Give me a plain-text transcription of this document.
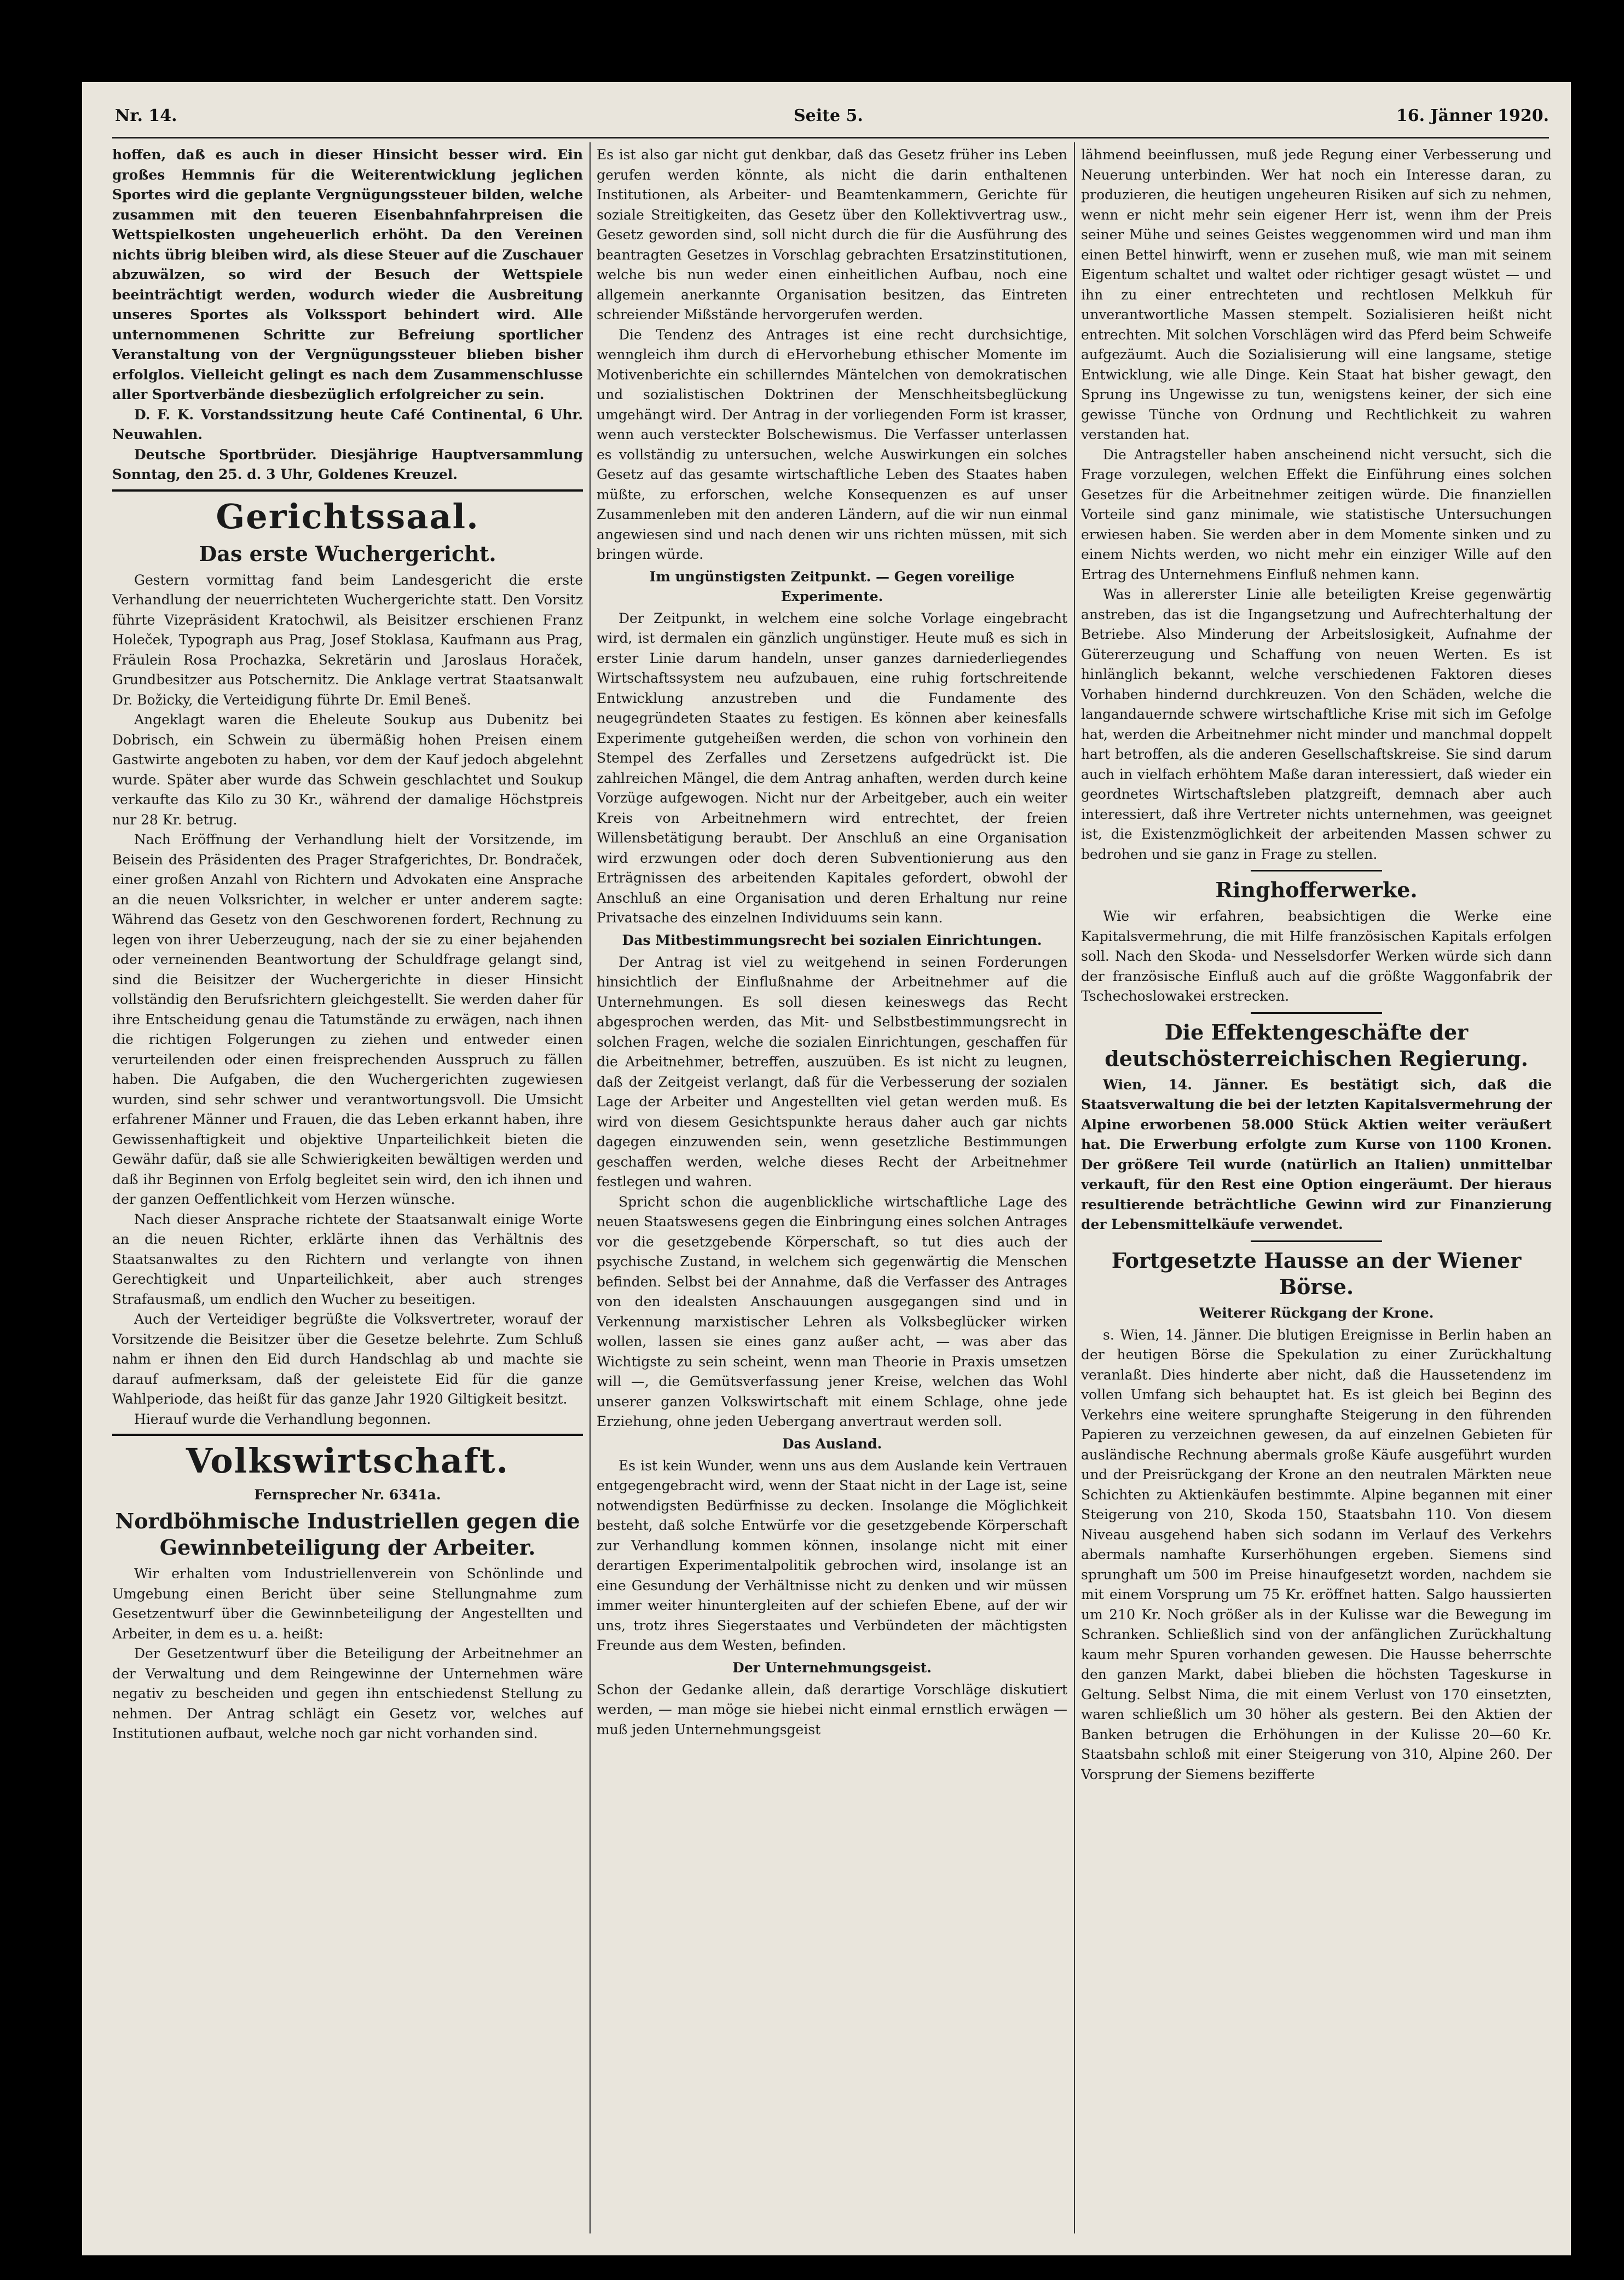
Nr. 14.	Seite 5.	16. Jänner 1920.

hoffen, daß es auch in dieser Hinsicht besser wird. Ein großes Hemmnis für die Weiterentwicklung jeglichen Sportes wird die geplante Vergnügungssteuer bilden, welche zusammen mit den teueren Eisenbahnfahrpreisen die Wettspielkosten ungeheuerlich erhöht. Da den Vereinen nichts übrig bleiben wird, als diese Steuer auf die Zuschauer abzuwälzen, so wird der Besuch der Wettspiele beeinträchtigt werden, wodurch wieder die Ausbreitung unseres Sportes als Volkssport behindert wird. Alle unternommenen Schritte zur Befreiung sportlicher Veranstaltung von der Vergnügungssteuer blieben bisher erfolglos. Vielleicht gelingt es nach dem Zusammenschlusse aller Sportverbände diesbezüglich erfolgreicher zu sein.

D. F. K. Vorstandssitzung heute Café Continental, 6 Uhr. Neuwahlen.

Deutsche Sportbrüder. Diesjährige Hauptversammlung Sonntag, den 25. d. 3 Uhr, Goldenes Kreuzel.

Gerichtssaal.
Das erste Wuchergericht.

Gestern vormittag fand beim Landesgericht die erste Verhandlung der neuerrichteten Wuchergerichte statt. Den Vorsitz führte Vizepräsident Kratochwil, als Beisitzer erschienen Franz Holeček, Typograph aus Prag, Josef Stoklasa, Kaufmann aus Prag, Fräulein Rosa Prochazka, Sekretärin und Jaroslaus Horaček, Grundbesitzer aus Potschernitz. Die Anklage vertrat Staatsanwalt Dr. Božicky, die Verteidigung führte Dr. Emil Beneš.

Angeklagt waren die Eheleute Soukup aus Dubenitz bei Dobrisch, ein Schwein zu übermäßig hohen Preisen einem Gastwirte angeboten zu haben, vor dem der Kauf jedoch abgelehnt wurde. Später aber wurde das Schwein geschlachtet und Soukup verkaufte das Kilo zu 30 Kr., während der damalige Höchstpreis nur 28 Kr. betrug.

Nach Eröffnung der Verhandlung hielt der Vorsitzende, im Beisein des Präsidenten des Prager Strafgerichtes, Dr. Bondraček, einer großen Anzahl von Richtern und Advokaten eine Ansprache an die neuen Volksrichter, in welcher er unter anderem sagte: Während das Gesetz von den Geschworenen fordert, Rechnung zu legen von ihrer Ueberzeugung, nach der sie zu einer bejahenden oder verneinenden Beantwortung der Schuldfrage gelangt sind, sind die Beisitzer der Wuchergerichte in dieser Hinsicht vollständig den Berufsrichtern gleichgestellt. Sie werden daher für ihre Entscheidung genau die Tatumstände zu erwägen, nach ihnen die richtigen Folgerungen zu ziehen und entweder einen verurteilenden oder einen freisprechenden Ausspruch zu fällen haben. Die Aufgaben, die den Wuchergerichten zugewiesen wurden, sind sehr schwer und verantwortungsvoll. Die Umsicht erfahrener Männer und Frauen, die das Leben erkannt haben, ihre Gewissenhaftigkeit und objektive Unparteilichkeit bieten die Gewähr dafür, daß sie alle Schwierigkeiten bewältigen werden und daß ihr Beginnen von Erfolg begleitet sein wird, den ich ihnen und der ganzen Oeffentlichkeit vom Herzen wünsche.

Nach dieser Ansprache richtete der Staatsanwalt einige Worte an die neuen Richter, erklärte ihnen das Verhältnis des Staatsanwaltes zu den Richtern und verlangte von ihnen Gerechtigkeit und Unparteilichkeit, aber auch strenges Strafausmaß, um endlich den Wucher zu beseitigen.

Auch der Verteidiger begrüßte die Volksvertreter, worauf der Vorsitzende die Beisitzer über die Gesetze belehrte. Zum Schluß nahm er ihnen den Eid durch Handschlag ab und machte sie darauf aufmerksam, daß der geleistete Eid für die ganze Wahlperiode, das heißt für das ganze Jahr 1920 Giltigkeit besitzt.

Hierauf wurde die Verhandlung begonnen.

Volkswirtschaft.
Fernsprecher Nr. 6341a.
Nordböhmische Industriellen gegen die Gewinnbeteiligung der Arbeiter.

Wir erhalten vom Industriellenverein von Schönlinde und Umgebung einen Bericht über seine Stellungnahme zum Gesetzentwurf über die Gewinnbeteiligung der Angestellten und Arbeiter, in dem es u. a. heißt:

Der Gesetzentwurf über die Beteiligung der Arbeitnehmer an der Verwaltung und dem Reingewinne der Unternehmen wäre negativ zu bescheiden und gegen ihn entschiedenst Stellung zu nehmen. Der Antrag schlägt ein Gesetz vor, welches auf Institutionen aufbaut, welche noch gar nicht vorhanden sind.

Es ist also gar nicht gut denkbar, daß das Gesetz früher ins Leben gerufen werden könnte, als nicht die darin enthaltenen Institutionen, als Arbeiter- und Beamtenkammern, Gerichte für soziale Streitigkeiten, das Gesetz über den Kollektivvertrag usw., Gesetz geworden sind, soll nicht durch die für die Ausführung des beantragten Gesetzes in Vorschlag gebrachten Ersatzinstitutionen, welche bis nun weder einen einheitlichen Aufbau, noch eine allgemein anerkannte Organisation besitzen, das Eintreten schreiender Mißstände hervorgerufen werden.

Die Tendenz des Antrages ist eine recht durchsichtige, wenngleich ihm durch di eHervorhebung ethischer Momente im Motivenberichte ein schillerndes Mäntelchen von demokratischen und sozialistischen Doktrinen der Menschheitsbeglückung umgehängt wird. Der Antrag in der vorliegenden Form ist krasser, wenn auch versteckter Bolschewismus. Die Verfasser unterlassen es vollständig zu untersuchen, welche Auswirkungen ein solches Gesetz auf das gesamte wirtschaftliche Leben des Staates haben müßte, zu erforschen, welche Konsequenzen es auf unser Zusammenleben mit den anderen Ländern, auf die wir nun einmal angewiesen sind und nach denen wir uns richten müssen, mit sich bringen würde.

Im ungünstigsten Zeitpunkt. — Gegen voreilige Experimente.

Der Zeitpunkt, in welchem eine solche Vorlage eingebracht wird, ist dermalen ein gänzlich ungünstiger. Heute muß es sich in erster Linie darum handeln, unser ganzes darniederliegendes Wirtschaftssystem neu aufzubauen, eine ruhig fortschreitende Entwicklung anzustreben und die Fundamente des neugegründeten Staates zu festigen. Es können aber keinesfalls Experimente gutgeheißen werden, die schon von vorhinein den Stempel des Zerfalles und Zersetzens aufgedrückt ist. Die zahlreichen Mängel, die dem Antrag anhaften, werden durch keine Vorzüge aufgewogen. Nicht nur der Arbeitgeber, auch ein weiter Kreis von Arbeitnehmern wird entrechtet, der freien Willensbetätigung beraubt. Der Anschluß an eine Organisation wird erzwungen oder doch deren Subventionierung aus den Erträgnissen des arbeitenden Kapitales gefordert, obwohl der Anschluß an eine Organisation und deren Erhaltung nur reine Privatsache des einzelnen Individuums sein kann.

Das Mitbestimmungsrecht bei sozialen Einrichtungen.

Der Antrag ist viel zu weitgehend in seinen Forderungen hinsichtlich der Einflußnahme der Arbeitnehmer auf die Unternehmungen. Es soll diesen keineswegs das Recht abgesprochen werden, das Mit- und Selbstbestimmungsrecht in solchen Fragen, welche die sozialen Einrichtungen, geschaffen für die Arbeitnehmer, betreffen, auszuüben. Es ist nicht zu leugnen, daß der Zeitgeist verlangt, daß für die Verbesserung der sozialen Lage der Arbeiter und Angestellten viel getan werden muß. Es wird von diesem Gesichtspunkte heraus daher auch gar nichts dagegen einzuwenden sein, wenn gesetzliche Bestimmungen geschaffen werden, welche dieses Recht der Arbeitnehmer festlegen und wahren.

Spricht schon die augenblickliche wirtschaftliche Lage des neuen Staatswesens gegen die Einbringung eines solchen Antrages vor die gesetzgebende Körperschaft, so tut dies auch der psychische Zustand, in welchem sich gegenwärtig die Menschen befinden. Selbst bei der Annahme, daß die Verfasser des Antrages von den idealsten Anschauungen ausgegangen sind und in Verkennung marxistischer Lehren als Volksbeglücker wirken wollen, lassen sie eines ganz außer acht, — was aber das Wichtigste zu sein scheint, wenn man Theorie in Praxis umsetzen will —, die Gemütsverfassung jener Kreise, welchen das Wohl unserer ganzen Volkswirtschaft mit einem Schlage, ohne jede Erziehung, ohne jeden Uebergang anvertraut werden soll.

Das Ausland.

Es ist kein Wunder, wenn uns aus dem Auslande kein Vertrauen entgegengebracht wird, wenn der Staat nicht in der Lage ist, seine notwendigsten Bedürfnisse zu decken. Insolange die Möglichkeit besteht, daß solche Entwürfe vor die gesetzgebende Körperschaft zur Verhandlung kommen können, insolange nicht mit einer derartigen Experimentalpolitik gebrochen wird, insolange ist an eine Gesundung der Verhältnisse nicht zu denken und wir müssen immer weiter hinuntergleiten auf der schiefen Ebene, auf der wir uns, trotz ihres Siegerstaates und Verbündeten der mächtigsten Freunde aus dem Westen, befinden.

Der Unternehmungsgeist.

Schon der Gedanke allein, daß derartige Vorschläge diskutiert werden, — man möge sie hiebei nicht einmal ernstlich erwägen — muß jeden Unternehmungsgeist

lähmend beeinflussen, muß jede Regung einer Verbesserung und Neuerung unterbinden. Wer hat noch ein Interesse daran, zu produzieren, die heutigen ungeheuren Risiken auf sich zu nehmen, wenn er nicht mehr sein eigener Herr ist, wenn ihm der Preis seiner Mühe und seines Geistes weggenommen wird und man ihm einen Bettel hinwirft, wenn er zusehen muß, wie man mit seinem Eigentum schaltet und waltet oder richtiger gesagt wüstet — und ihn zu einer entrechteten und rechtlosen Melkkuh für unverantwortliche Massen stempelt. Sozialisieren heißt nicht entrechten. Mit solchen Vorschlägen wird das Pferd beim Schweife aufgezäumt. Auch die Sozialisierung will eine langsame, stetige Entwicklung, wie alle Dinge. Kein Staat hat bisher gewagt, den Sprung ins Ungewisse zu tun, wenigstens keiner, der sich eine gewisse Tünche von Ordnung und Rechtlichkeit zu wahren verstanden hat.

Die Antragsteller haben anscheinend nicht versucht, sich die Frage vorzulegen, welchen Effekt die Einführung eines solchen Gesetzes für die Arbeitnehmer zeitigen würde. Die finanziellen Vorteile sind ganz minimale, wie statistische Untersuchungen erwiesen haben. Sie werden aber in dem Momente sinken und zu einem Nichts werden, wo nicht mehr ein einziger Wille auf den Ertrag des Unternehmens Einfluß nehmen kann.

Was in allererster Linie alle beteiligten Kreise gegenwärtig anstreben, das ist die Ingangsetzung und Aufrechterhaltung der Betriebe. Also Minderung der Arbeitslosigkeit, Aufnahme der Gütererzeugung und Schaffung von neuen Werten. Es ist hinlänglich bekannt, welche verschiedenen Faktoren dieses Vorhaben hindernd durchkreuzen. Von den Schäden, welche die langandauernde schwere wirtschaftliche Krise mit sich im Gefolge hat, werden die Arbeitnehmer nicht minder und manchmal doppelt hart betroffen, als die anderen Gesellschaftskreise. Sie sind darum auch in vielfach erhöhtem Maße daran interessiert, daß wieder ein geordnetes Wirtschaftsleben platzgreift, demnach aber auch interessiert, daß ihre Vertreter nichts unternehmen, was geeignet ist, die Existenzmöglichkeit der arbeitenden Massen schwer zu bedrohen und sie ganz in Frage zu stellen.

Ringhofferwerke.

Wie wir erfahren, beabsichtigen die Werke eine Kapitalsvermehrung, die mit Hilfe französischen Kapitals erfolgen soll. Nach den Skoda- und Nesselsdorfer Werken würde sich dann der französische Einfluß auch auf die größte Waggonfabrik der Tschechoslowakei erstrecken.

Die Effektengeschäfte der deutschösterreichischen Regierung.

Wien, 14. Jänner. Es bestätigt sich, daß die Staatsverwaltung die bei der letzten Kapitalsvermehrung der Alpine erworbenen 58.000 Stück Aktien weiter veräußert hat. Die Erwerbung erfolgte zum Kurse von 1100 Kronen. Der größere Teil wurde (natürlich an Italien) unmittelbar verkauft, für den Rest eine Option eingeräumt. Der hieraus resultierende beträchtliche Gewinn wird zur Finanzierung der Lebensmittelkäufe verwendet.

Fortgesetzte Hausse an der Wiener Börse.
Weiterer Rückgang der Krone.

s. Wien, 14. Jänner. Die blutigen Ereignisse in Berlin haben an der heutigen Börse die Spekulation zu einer Zurückhaltung veranlaßt. Dies hinderte aber nicht, daß die Haussetendenz im vollen Umfang sich behauptet hat. Es ist gleich bei Beginn des Verkehrs eine weitere sprunghafte Steigerung in den führenden Papieren zu verzeichnen gewesen, da auf einzelnen Gebieten für ausländische Rechnung abermals große Käufe ausgeführt wurden und der Preisrückgang der Krone an den neutralen Märkten neue Schichten zu Aktienkäufen bestimmte. Alpine begannen mit einer Steigerung von 210, Skoda 150, Staatsbahn 110. Von diesem Niveau ausgehend haben sich sodann im Verlauf des Verkehrs abermals namhafte Kurserhöhungen ergeben. Siemens sind sprunghaft um 500 im Preise hinaufgesetzt worden, nachdem sie mit einem Vorsprung um 75 Kr. eröffnet hatten. Salgo haussierten um 210 Kr. Noch größer als in der Kulisse war die Bewegung im Schranken. Schließlich sind von der anfänglichen Zurückhaltung kaum mehr Spuren vorhanden gewesen. Die Hausse beherrschte den ganzen Markt, dabei blieben die höchsten Tageskurse in Geltung. Selbst Nima, die mit einem Verlust von 170 einsetzten, waren schließlich um 30 höher als gestern. Bei den Aktien der Banken betrugen die Erhöhungen in der Kulisse 20—60 Kr. Staatsbahn schloß mit einer Steigerung von 310, Alpine 260. Der Vorsprung der Siemens bezifferte
